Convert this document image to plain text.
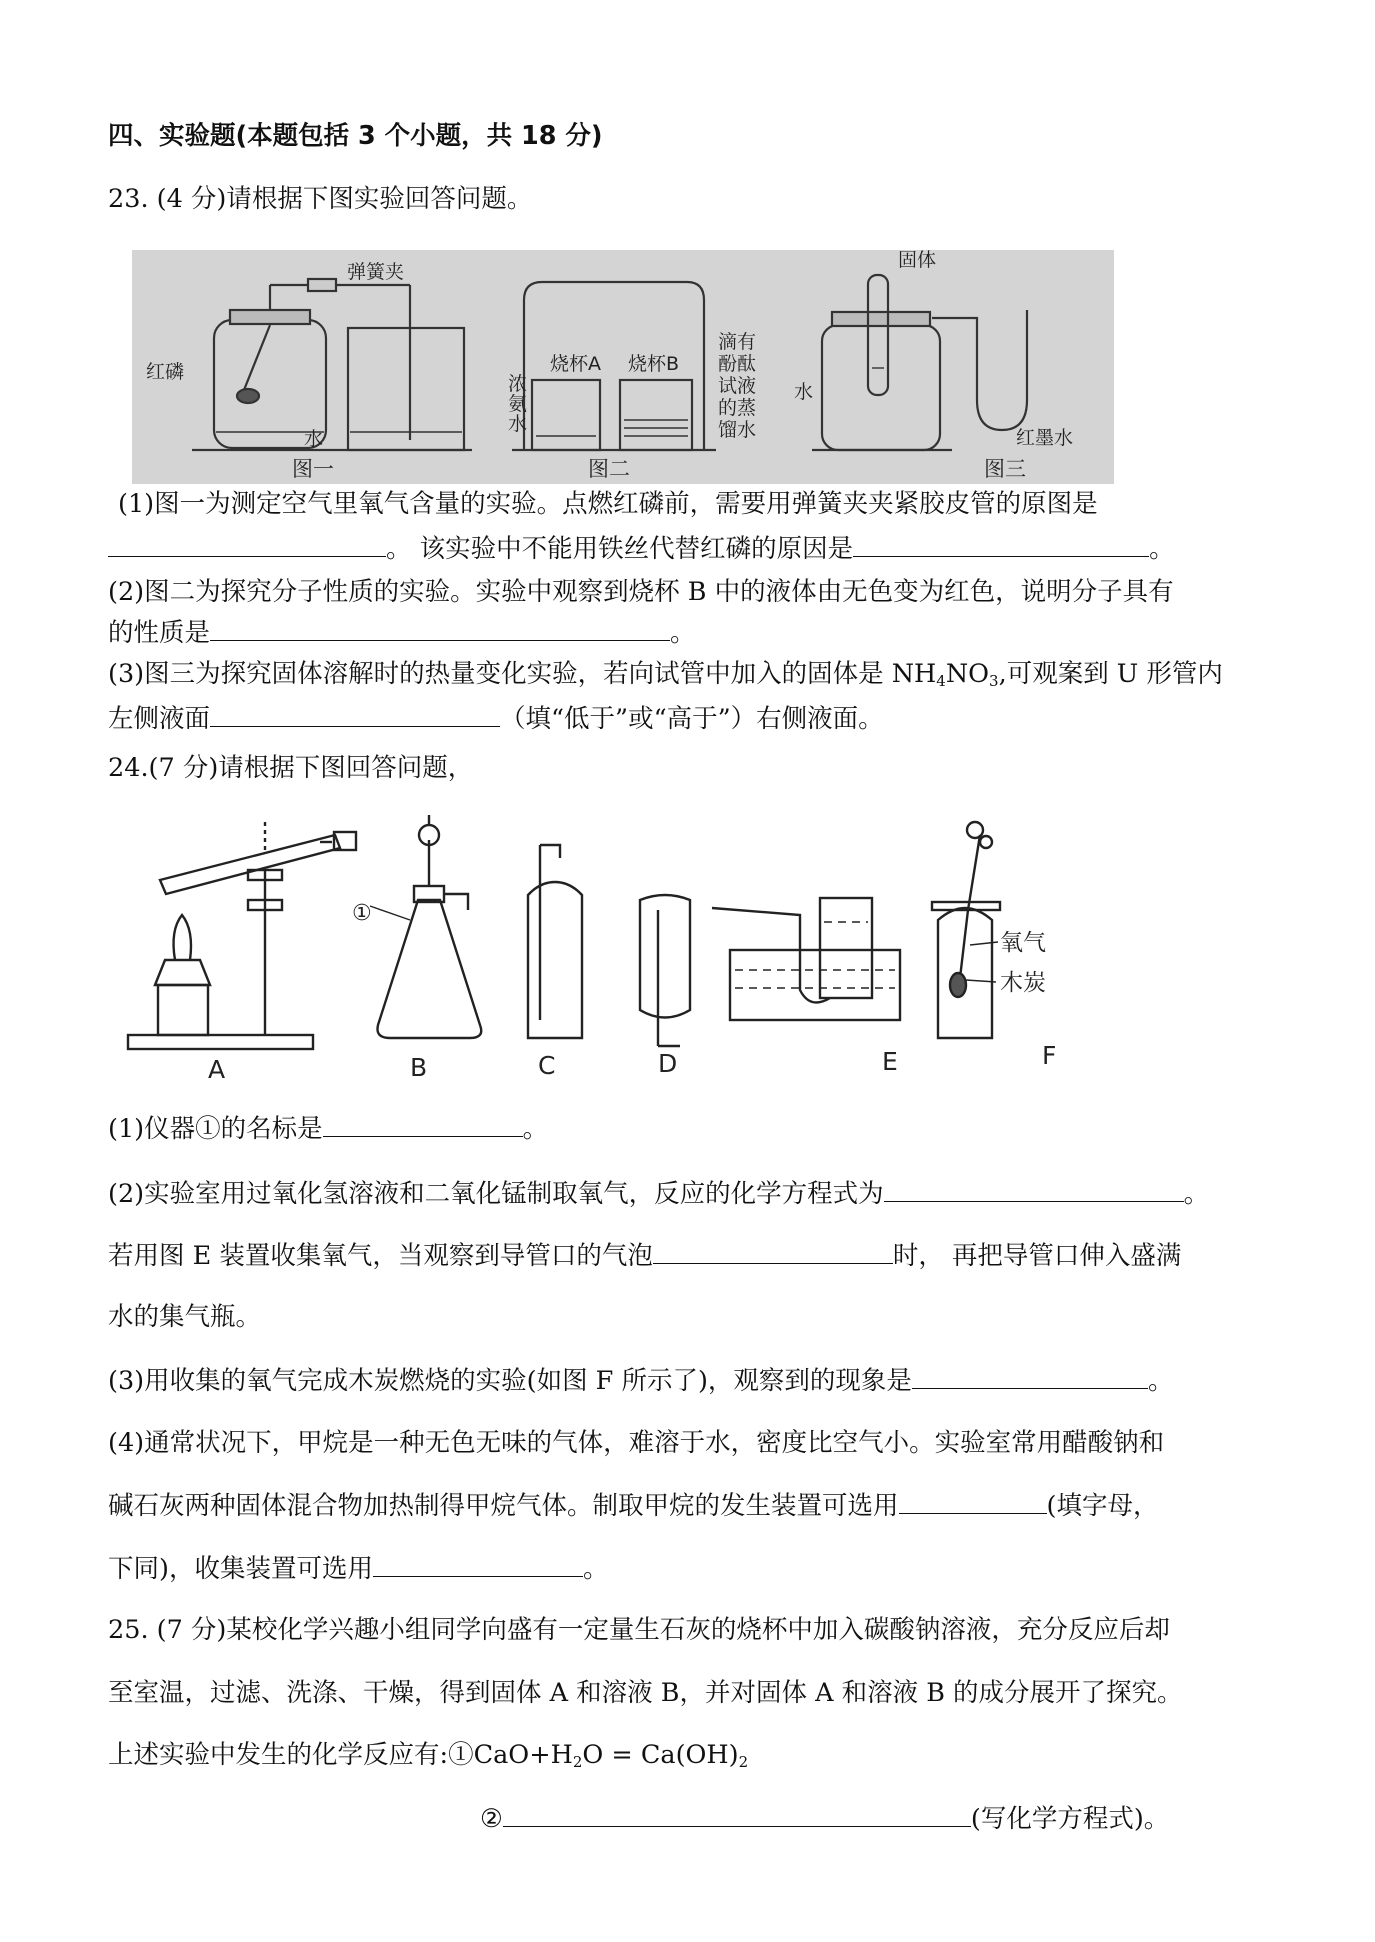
四、实验题(本题包括 3 个小题，共 18 分)
23. (4 分)请根据下图实验回答问题。
弹簧夹
红磷
水
烧杯A 烧杯B
浓
氨
水
滴有
酚酞
试液
的蒸
馏水
固体
水
红墨水
图一	图二	图三
(1)图一为测定空气里氧气含量的实验。点燃红磷前，需要用弹簧夹夹紧胶皮管的原图是
。 该实验中不能用铁丝代替红磷的原因是	。
(2)图二为探究分子性质的实验。实验中观察到烧杯 B 中的液体由无色变为红色，说明分子具有
的性质是	。
(3)图三为探究固体溶解时的热量变化实验，若向试管中加入的固体是 $NH_4NO_3$,可观案到 U 形管内
左侧液面	（填“低于”或“高于”）右侧液面。
24.(7 分)请根据下图回答问题，
①
氧气
木炭
A	B	C	D	E	F
(1)仪器①的名标是	。
(2)实验室用过氧化氢溶液和二氧化锰制取氧气，反应的化学方程式为	。
若用图 E 装置收集氧气，当观察到导管口的气泡	时， 再把导管口伸入盛满
水的集气瓶。
(3)用收集的氧气完成木炭燃烧的实验(如图 F 所示了)，观察到的现象是	。
(4)通常状况下，甲烷是一种无色无味的气体，难溶于水，密度比空气小。实验室常用醋酸钠和
碱石灰两种固体混合物加热制得甲烷气体。制取甲烷的发生装置可选用	(填字母，
下同)，收集装置可选用	。
25. (7 分)某校化学兴趣小组同学向盛有一定量生石灰的烧杯中加入碳酸钠溶液，充分反应后却
至室温，过滤、洗涤、干燥，得到固体 A 和溶液 B，并对固体 A 和溶液 B 的成分展开了探究。
上述实验中发生的化学反应有$:①CaO+H_2O = Ca(OH)_2$
②	(写化学方程式)。
